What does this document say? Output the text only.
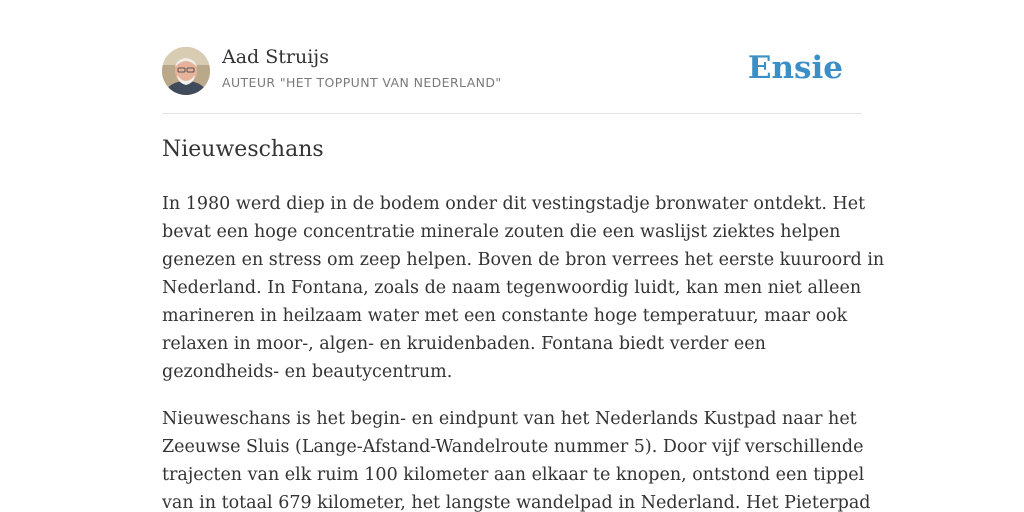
Aad Struijs
AUTEUR "HET TOPPUNT VAN NEDERLAND"	Ensie
Nieuweschans

In 1980 werd diep in de bodem onder dit vestingstadje bronwater ontdekt. Het
bevat een hoge concentratie minerale zouten die een waslijst ziektes helpen
genezen en stress om zeep helpen. Boven de bron verrees het eerste kuuroord in
Nederland. In Fontana, zoals de naam tegenwoordig luidt, kan men niet alleen
marineren in heilzaam water met een constante hoge temperatuur, maar ook
relaxen in moor-, algen- en kruidenbaden. Fontana biedt verder een
gezondheids- en beautycentrum.

Nieuweschans is het begin- en eindpunt van het Nederlands Kustpad naar het
Zeeuwse Sluis (Lange-Afstand-Wandelroute nummer 5). Door vijf verschillende
trajecten van elk ruim 100 kilometer aan elkaar te knopen, ontstond een tippel
van in totaal 679 kilometer, het langste wandelpad in Nederland. Het Pieterpad
